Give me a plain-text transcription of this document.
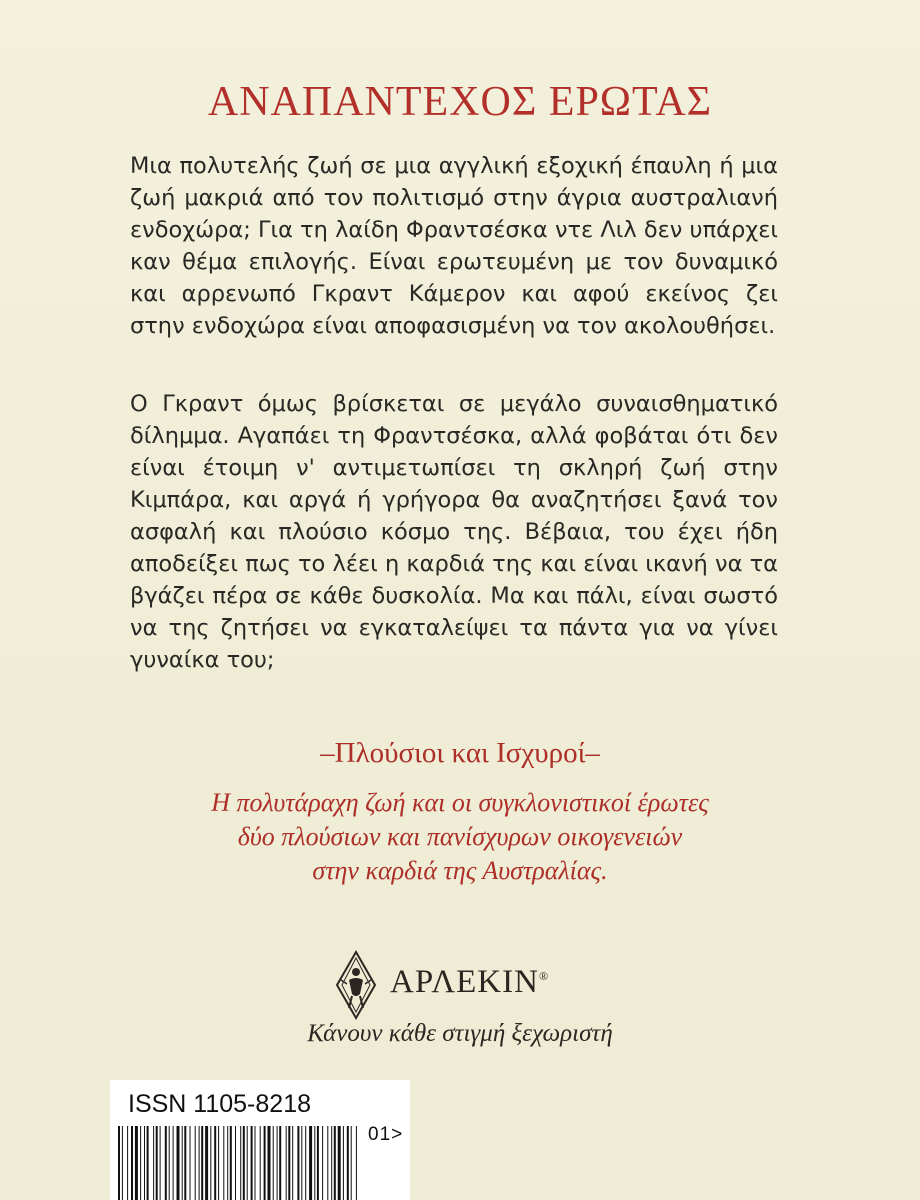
ΑΝΑΠΑΝΤΕΧΟΣ ΕΡΩΤΑΣ

Μια πολυτελής ζωή σε μια αγγλική εξοχική έπαυλη ή μια ζωή μακριά από τον πολιτισμό στην άγρια αυστραλιανή ενδοχώρα; Για τη λαίδη Φραντσέσκα ντε Λιλ δεν υπάρχει καν θέμα επιλογής. Είναι ερωτευμένη με τον δυναμικό και αρρενωπό Γκραντ Κάμερον και αφού εκείνος ζει στην ενδοχώρα είναι αποφασισμένη να τον ακολουθήσει.

Ο Γκραντ όμως βρίσκεται σε μεγάλο συναισθηματικό δίλημμα. Αγαπάει τη Φραντσέσκα, αλλά φοβάται ότι δεν είναι έτοιμη ν' αντιμετωπίσει τη σκληρή ζωή στην Κιμπάρα, και αργά ή γρήγορα θα αναζητήσει ξανά τον ασφαλή και πλούσιο κόσμο της. Βέβαια, του έχει ήδη αποδείξει πως το λέει η καρδιά της και είναι ικανή να τα βγάζει πέρα σε κάθε δυσκολία. Μα και πάλι, είναι σωστό να της ζητήσει να εγκαταλείψει τα πάντα για να γίνει γυναίκα του;

–Πλούσιοι και Ισχυροί–
Η πολυτάραχη ζωή και οι συγκλονιστικοί έρωτες
δύο πλούσιων και πανίσχυρων οικογενειών
στην καρδιά της Αυστραλίας.
ΑΡΛΕΚΙΝ®
Κάνουν κάθε στιγμή ξεχωριστή
ISSN 1105-8218
01>
